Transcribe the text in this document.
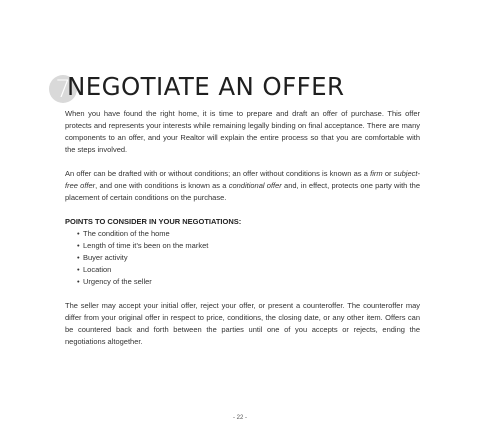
7
NEGOTIATE AN OFFER

When you have found the right home, it is time to prepare and draft an offer of purchase. This offer protects and represents your interests while remaining legally binding on final acceptance. There are many components to an offer, and your Realtor will explain the entire process so that you are comfortable with the steps involved.

An offer can be drafted with or without conditions; an offer without conditions is known as a firm or subject-free offer, and one with conditions is known as a conditional offer and, in effect, protects one party with the placement of certain conditions on the purchase.

POINTS TO CONSIDER IN YOUR NEGOTIATIONS:
• The condition of the home
• Length of time it’s been on the market
• Buyer activity
• Location
• Urgency of the seller

The seller may accept your initial offer, reject your offer, or present a counteroffer. The counteroffer may differ from your original offer in respect to price, conditions, the closing date, or any other item. Offers can be countered back and forth between the parties until one of you accepts or rejects, ending the negotiations altogether.

- 22 -
